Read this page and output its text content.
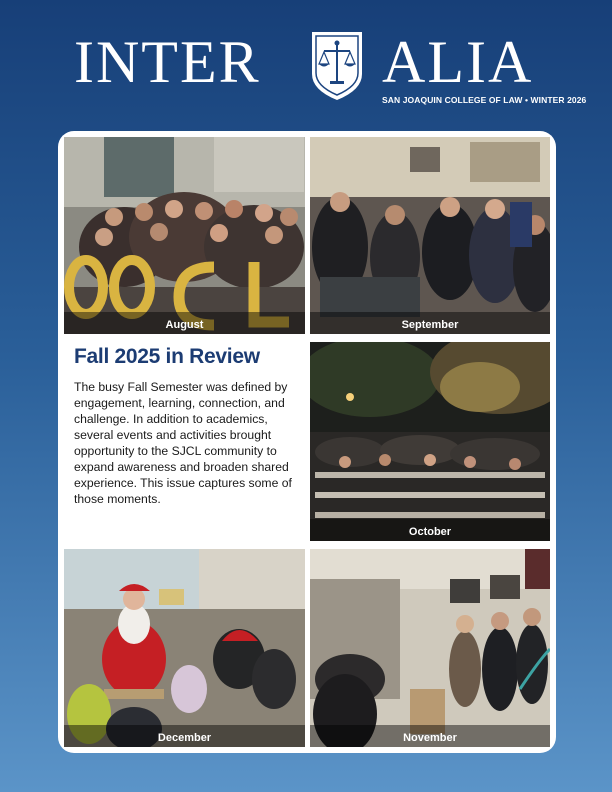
INTER ALIA
SAN JOAQUIN COLLEGE OF LAW • WINTER 2026
August	September
Fall 2025 in Review

The busy Fall Semester was defined by engagement, learning, connection, and challenge. In addition to academics, several events and activities brought opportunity to the SJCL community to expand awareness and broaden shared experience. This issue captures some of those moments.

October
December	November
